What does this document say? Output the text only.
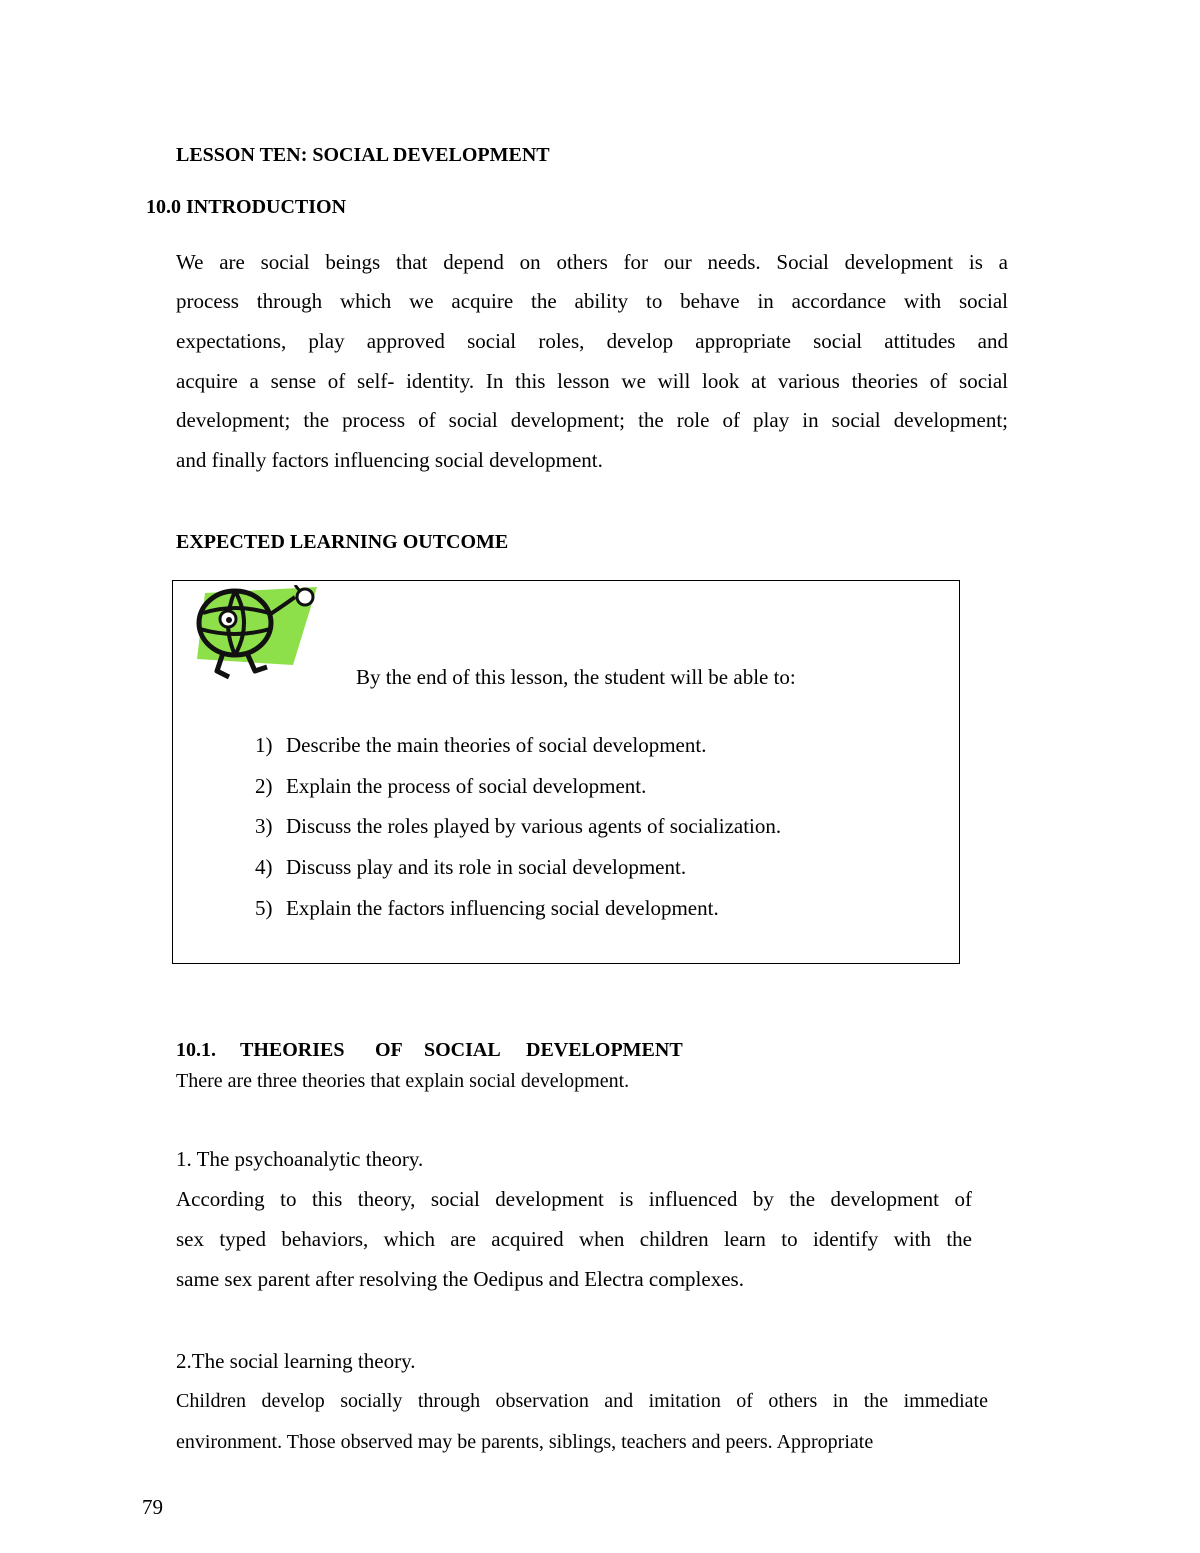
LESSON TEN: SOCIAL DEVELOPMENT
10.0 INTRODUCTION
We are social beings that depend on others for our needs. Social development is a
process through which we acquire the ability to behave in accordance with social
expectations, play approved social roles, develop appropriate social attitudes and
acquire a sense of self- identity. In this lesson we will look at various theories of social
development; the process of social development; the role of play in social development;
and finally factors influencing social development.
EXPECTED LEARNING OUTCOME
By the end of this lesson, the student will be able to:
1) Describe the main theories of social development.
2) Explain the process of social development.
3) Discuss the roles played by various agents of socialization.
4) Discuss play and its role in social development.
5) Explain the factors influencing social development.
10.1. THEORIES OF SOCIAL DEVELOPMENT
There are three theories that explain social development.
1. The psychoanalytic theory.
According to this theory, social development is influenced by the development of
sex typed behaviors, which are acquired when children learn to identify with the
same sex parent after resolving the Oedipus and Electra complexes.
2.The social learning theory.
Children develop socially through observation and imitation of others in the immediate
environment. Those observed may be parents, siblings, teachers and peers. Appropriate
79
